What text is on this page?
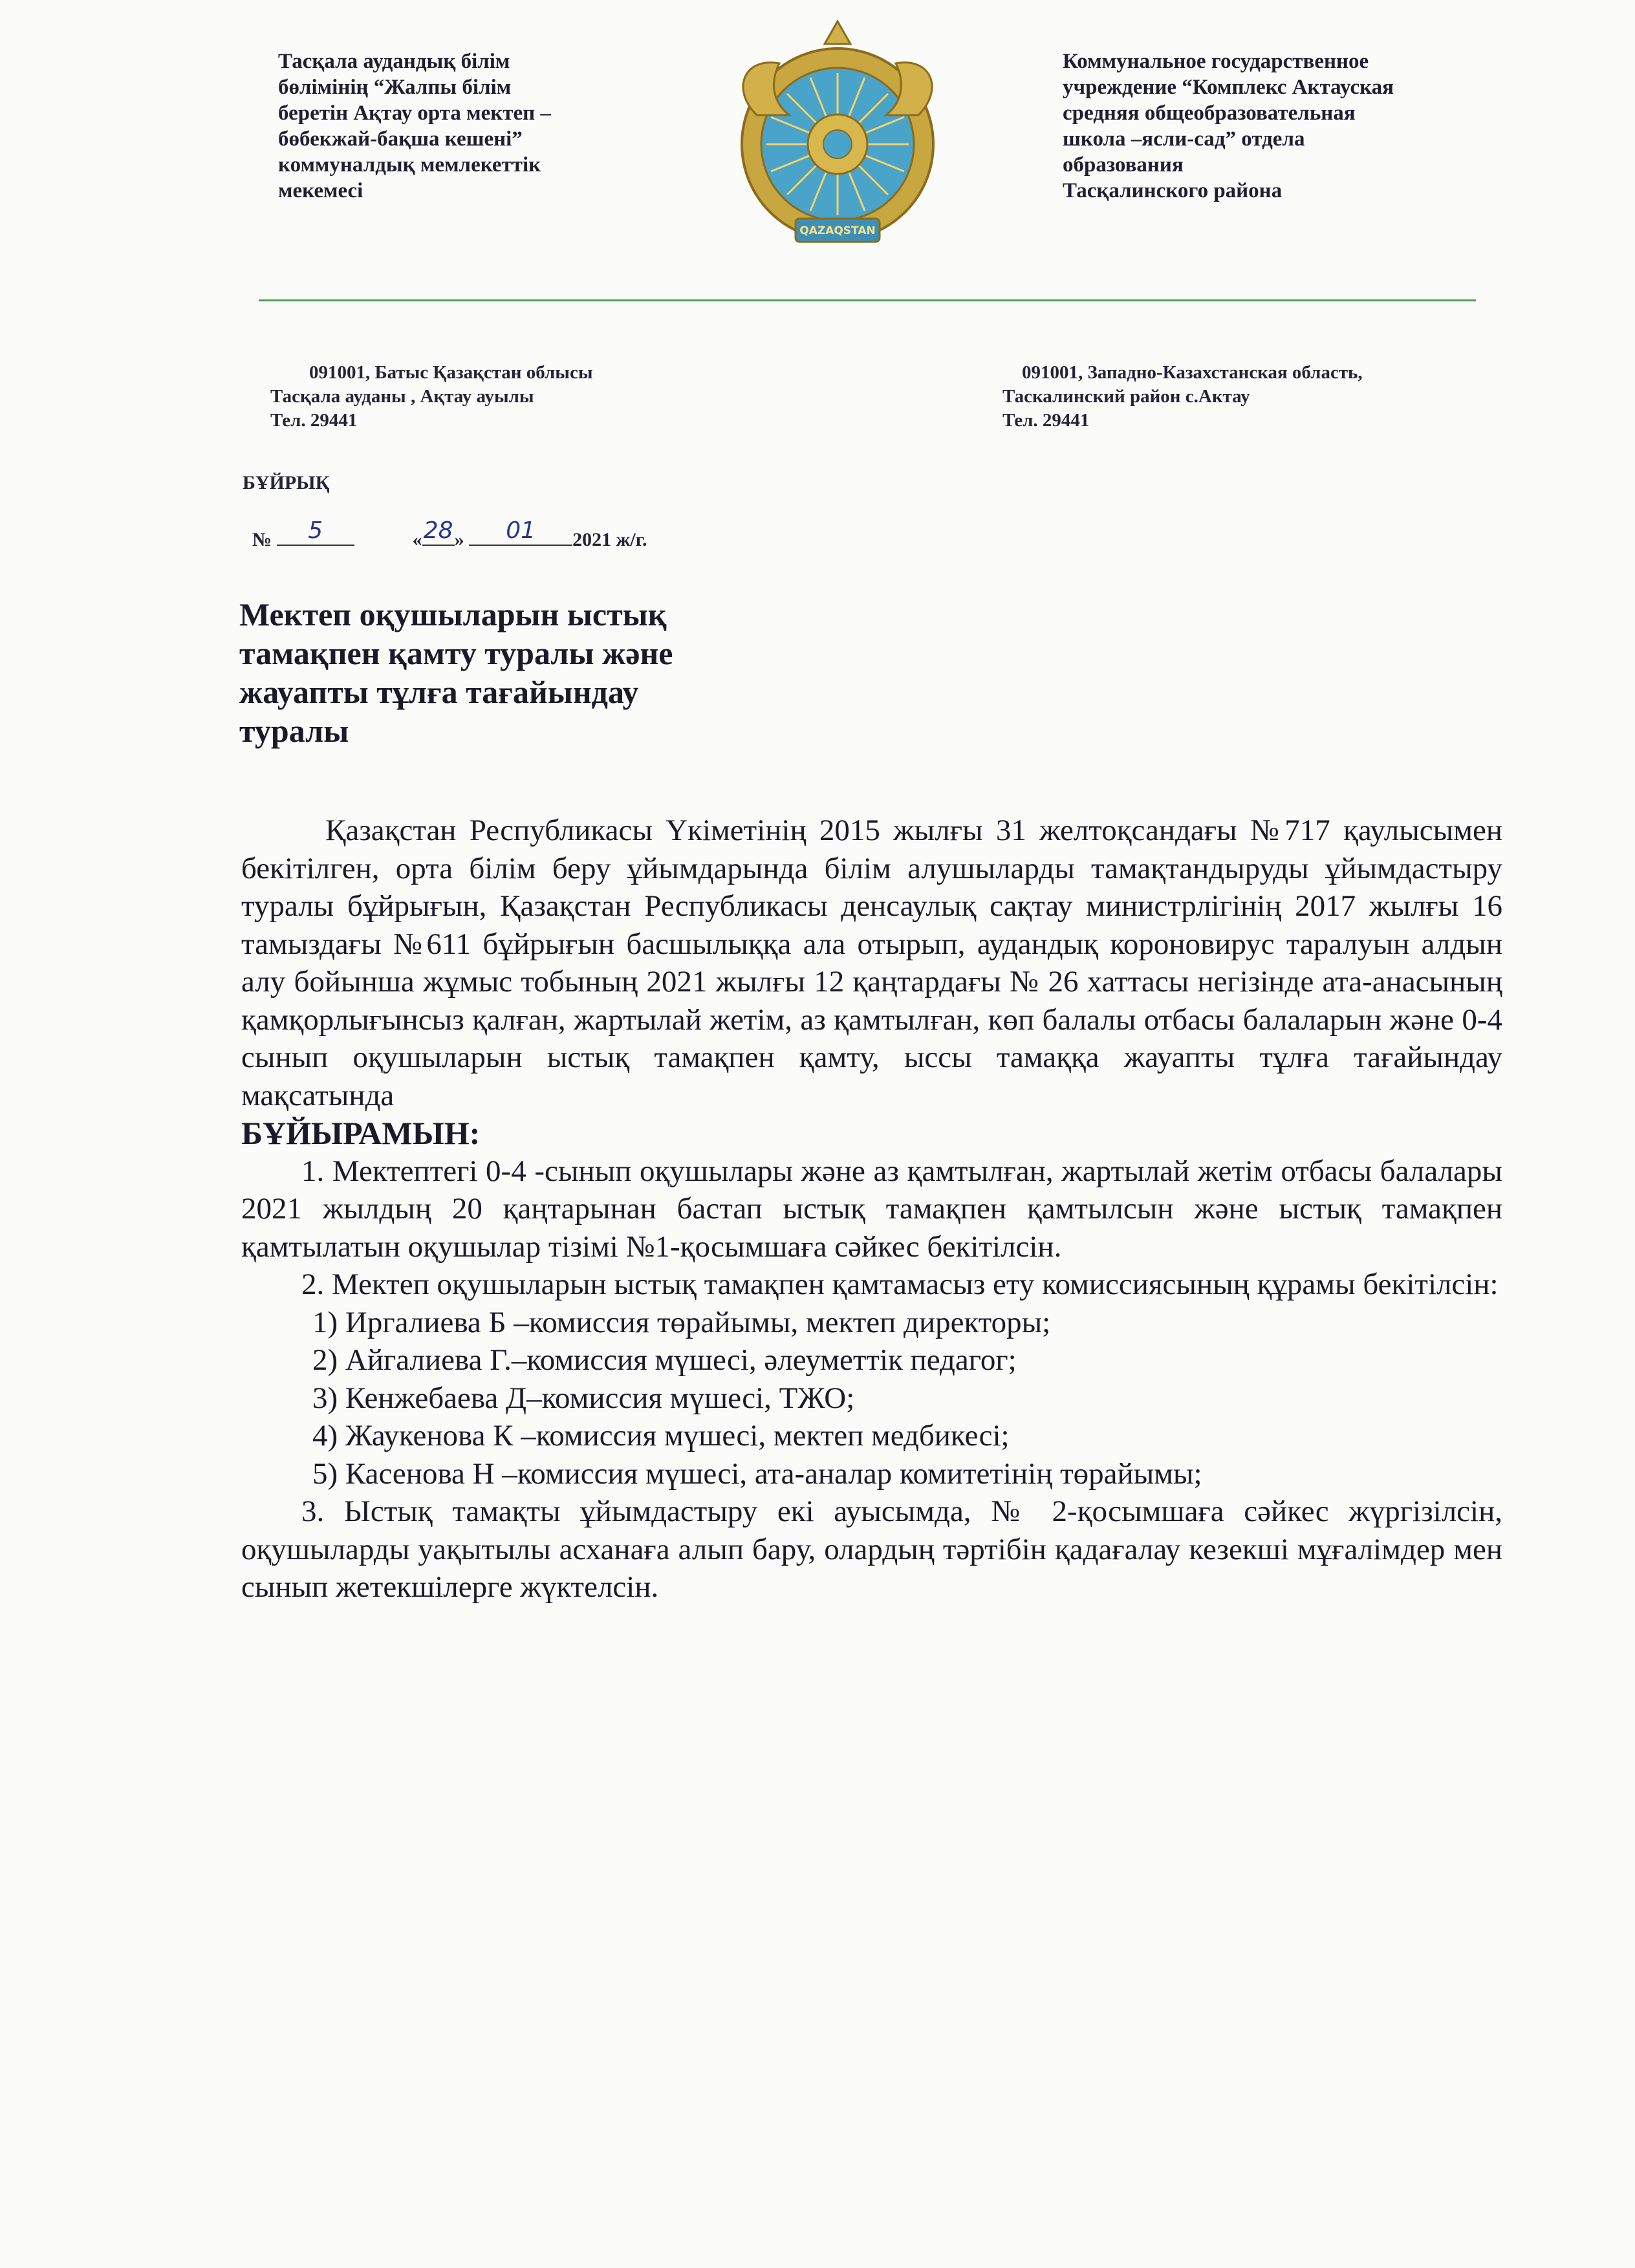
Тасқала аудандық білім
бөлімінің “Жалпы білім
беретін Ақтау орта мектеп –
бөбекжай-бақша кешені”
коммуналдық мемлекеттік
мекемесі
QAZAQSTAN
Коммунальное государственное
учреждение “Комплекс Актауская
средняя общеобразовательная
школа –ясли-сад” отдела
образования
Тасқалинского района
091001, Батыс Қазақстан облысы
Тасқала ауданы , Ақтау ауылы
Тел. 29441
091001, Западно-Казахстанская область,
Таскалинский район с.Актау
Тел. 29441
БҰЙРЫҚ
№ 5	«28» 01 2021 ж/г.
Мектеп оқушыларын ыстық
тамақпен қамту туралы және
жауапты тұлға тағайындау
туралы

Қазақстан Республикасы Үкіметінің 2015 жылғы 31 желтоқсандағы №717 қаулысымен бекітілген, орта білім беру ұйымдарында білім алушыларды тамақтандыруды ұйымдастыру туралы бұйрығын, Қазақстан Республикасы денсаулық сақтау министрлігінің 2017 жылғы 16 тамыздағы №611 бұйрығын басшылыққа ала отырып, аудандық короновирус таралуын алдын алу бойынша жұмыс тобының 2021 жылғы 12 қаңтардағы № 26 хаттасы негізінде ата-анасының қамқорлығынсыз қалған, жартылай жетім, аз қамтылған, көп балалы отбасы балаларын және 0-4 сынып оқушыларын ыстық тамақпен қамту, ыссы тамаққа жауапты тұлға тағайындау мақсатында

БҰЙЫРАМЫН:

1. Мектептегі 0-4 -сынып оқушылары және аз қамтылған, жартылай жетім отбасы балалары 2021 жылдың 20 қаңтарынан бастап ыстық тамақпен қамтылсын және ыстық тамақпен қамтылатын оқушылар тізімі №1-қосымшаға сәйкес бекітілсін.

2. Мектеп оқушыларын ыстық тамақпен қамтамасыз ету комиссиясының құрамы бекітілсін:

1) Иргалиева Б –комиссия төрайымы, мектеп директоры;

2) Айгалиева Г.–комиссия мүшесі, әлеуметтік педагог;

3) Кенжебаева Д–комиссия мүшесі, ТЖО;

4) Жаукенова К –комиссия мүшесі, мектеп медбикесі;

5) Касенова Н –комиссия мүшесі, ата-аналар комитетінің төрайымы;

3. Ыстық тамақты ұйымдастыру екі ауысымда, № 2-қосымшаға сәйкес жүргізілсін, оқушыларды уақытылы асханаға алып бару, олардың тәртібін қадағалау кезекші мұғалімдер мен сынып жетекшілерге жүктелсін.
